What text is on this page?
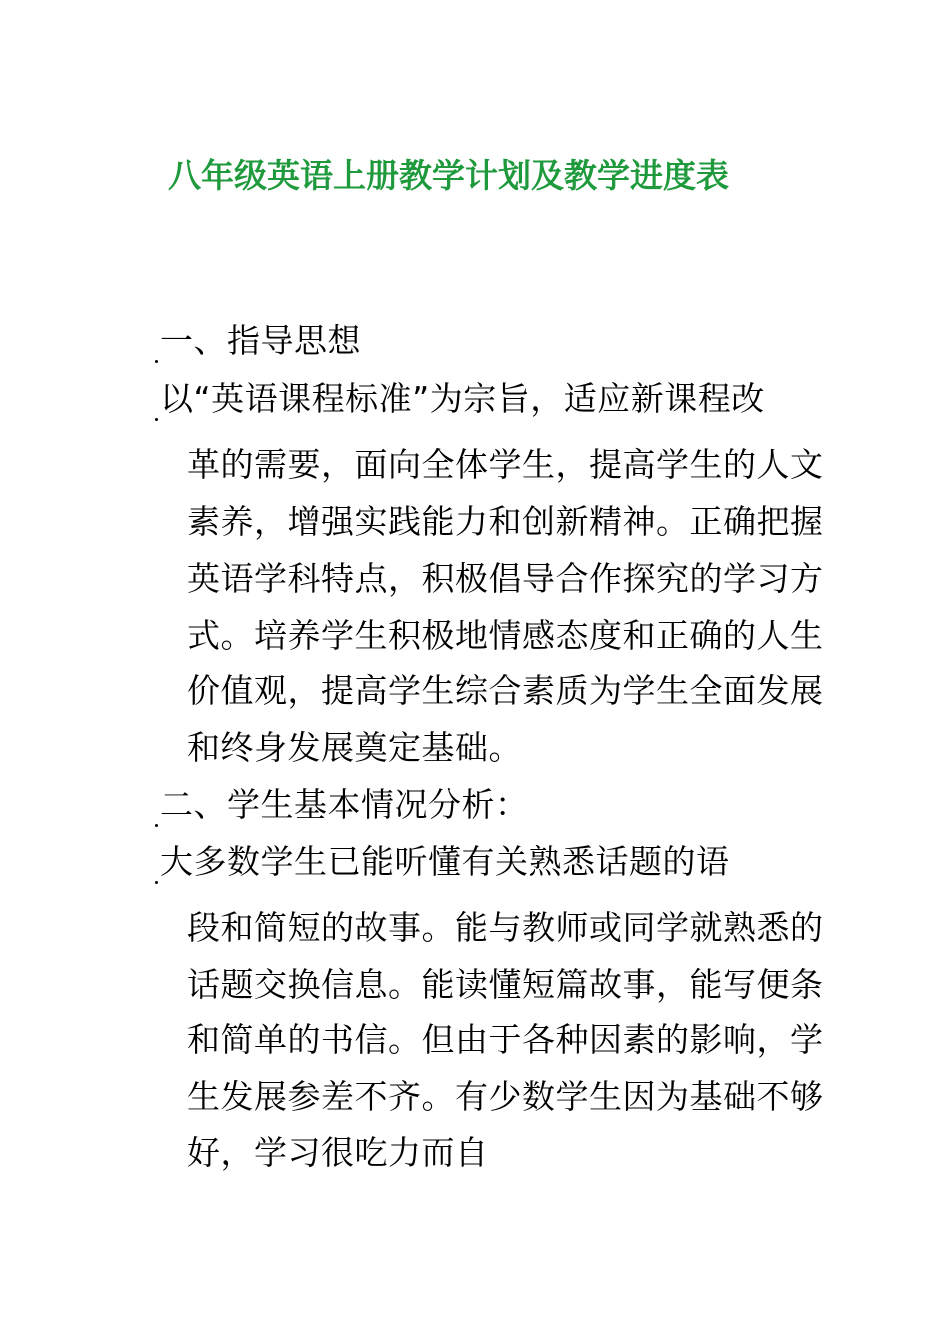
八年级英语上册教学计划及教学进度表
一、指导思想
以“英语课程标准”为宗旨，适应新课程改
革的需要，面向全体学生，提高学生的人文
素养，增强实践能力和创新精神。正确把握
英语学科特点，积极倡导合作探究的学习方
式。培养学生积极地情感态度和正确的人生
价值观，提高学生综合素质为学生全面发展
和终身发展奠定基础。
二、学生基本情况分析：
大多数学生已能听懂有关熟悉话题的语
段和简短的故事。能与教师或同学就熟悉的
话题交换信息。能读懂短篇故事，能写便条
和简单的书信。但由于各种因素的影响，学
生发展参差不齐。有少数学生因为基础不够
好，学习很吃力而自
